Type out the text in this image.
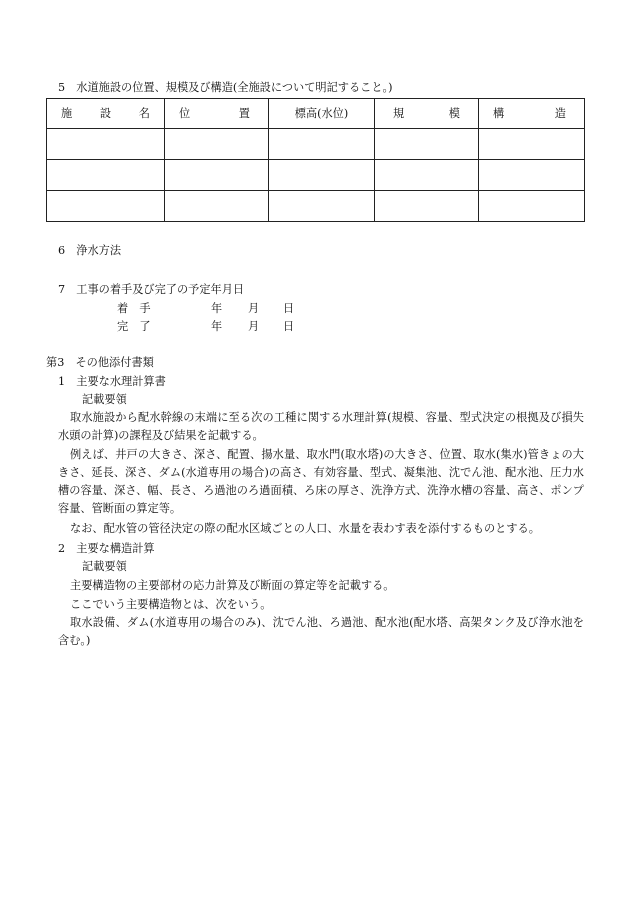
5　水道施設の位置、規模及び構造(全施設について明記すること。)
施 設 名	位 置	標高(水位)	規 模	構 造

6　浄水方法
7　工事の着手及び完了の予定年月日
着　手	年 月 日
完　了	年 月 日
第3　その他添付書類
1　主要な水理計算書
記載要領
取水施設から配水幹線の末端に至る次の工種に関する水理計算(規模、容量、型式決定の根拠及び損失水頭の計算)の課程及び結果を記載する。
例えば、井戸の大きさ、深さ、配置、揚水量、取水門(取水塔)の大きさ、位置、取水(集水)管きょの大きさ、延長、深さ、ダム(水道専用の場合)の高さ、有効容量、型式、凝集池、沈でん池、配水池、圧力水槽の容量、深さ、幅、長さ、ろ過池のろ過面積、ろ床の厚さ、洗浄方式、洗浄水槽の容量、高さ、ポンプ容量、管断面の算定等。
なお、配水管の管径決定の際の配水区域ごとの人口、水量を表わす表を添付するものとする。
2　主要な構造計算
記載要領
主要構造物の主要部材の応力計算及び断面の算定等を記載する。
ここでいう主要構造物とは、次をいう。
取水設備、ダム(水道専用の場合のみ)、沈でん池、ろ過池、配水池(配水塔、高架タンク及び浄水池を含む。)
